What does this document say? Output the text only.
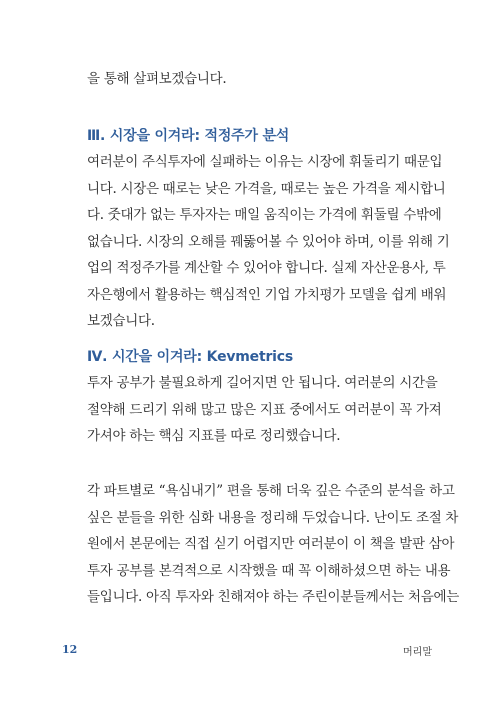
을 통해 살펴보겠습니다.

Ⅲ. 시장을 이겨라: 적정주가 분석

여러분이 주식투자에 실패하는 이유는 시장에 휘둘리기 때문입
니다. 시장은 때로는 낮은 가격을, 때로는 높은 가격을 제시합니
다. 줏대가 없는 투자자는 매일 움직이는 가격에 휘둘릴 수밖에
없습니다. 시장의 오해를 꿰뚫어볼 수 있어야 하며, 이를 위해 기
업의 적정주가를 계산할 수 있어야 합니다. 실제 자산운용사, 투
자은행에서 활용하는 핵심적인 기업 가치평가 모델을 쉽게 배워
보겠습니다.

Ⅳ. 시간을 이겨라: Kevmetrics

투자 공부가 불필요하게 길어지면 안 됩니다. 여러분의 시간을
절약해 드리기 위해 많고 많은 지표 중에서도 여러분이 꼭 가져
가셔야 하는 핵심 지표를 따로 정리했습니다.

각 파트별로 “욕심내기” 편을 통해 더욱 깊은 수준의 분석을 하고
싶은 분들을 위한 심화 내용을 정리해 두었습니다. 난이도 조절 차
원에서 본문에는 직접 싣기 어렵지만 여러분이 이 책을 발판 삼아
투자 공부를 본격적으로 시작했을 때 꼭 이해하셨으면 하는 내용
들입니다. 아직 투자와 친해져야 하는 주린이분들께서는 처음에는

12	머리말
